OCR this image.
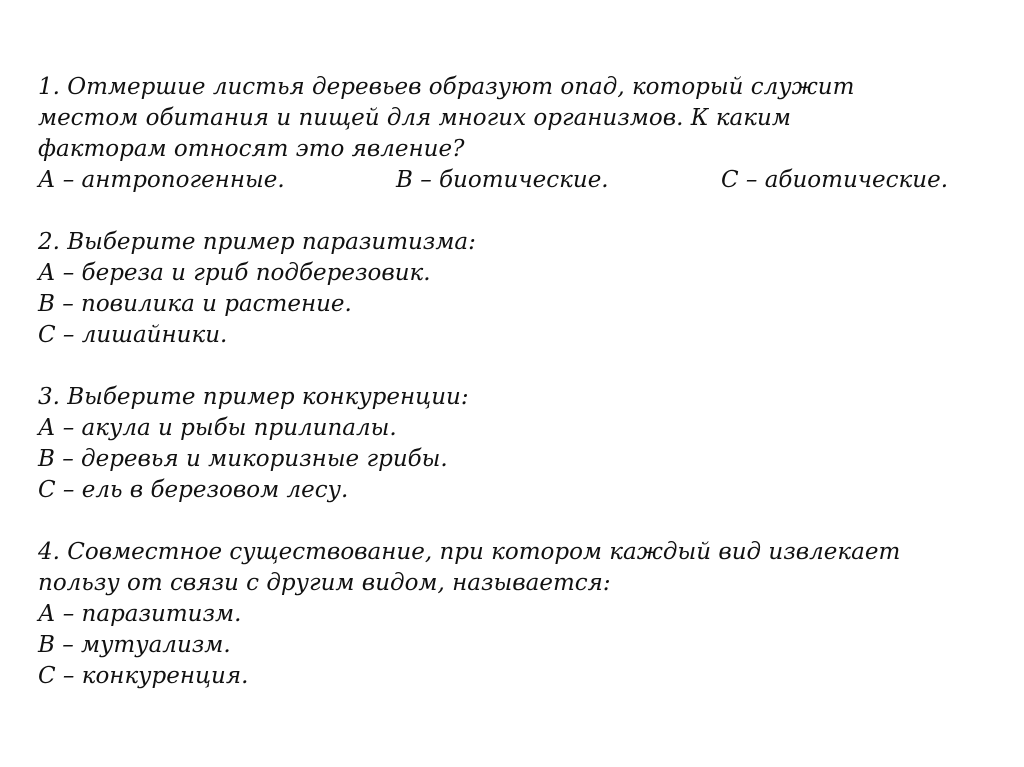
1. Отмершие листья деревьев образуют опад, который служит
местом обитания и пищей для многих организмов. К каким
факторам относят это явление?
А – антропогенные.	В – биотические.	С – абиотические.
2. Выберите пример паразитизма:
А – береза и гриб подберезовик.
В – повилика и растение.
С – лишайники.
3. Выберите пример конкуренции:
А – акула и рыбы прилипалы.
В – деревья и микоризные грибы.
С – ель в березовом лесу.
4. Совместное существование, при котором каждый вид извлекает
пользу от связи с другим видом, называется:
А – паразитизм.
В – мутуализм.
С – конкуренция.
